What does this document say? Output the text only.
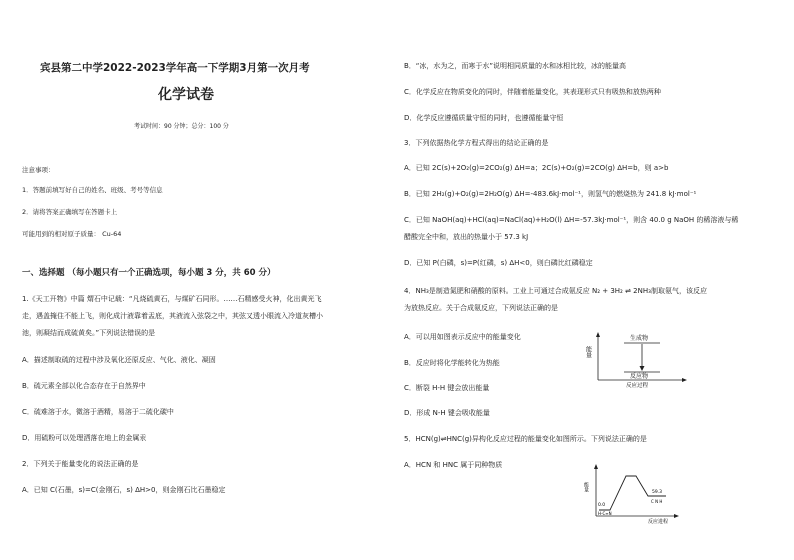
宾县第二中学2022-2023学年高一下学期3月第一次月考
化学试卷
考试时间：90 分钟；总分：100 分
注意事项：
1．答题前填写好自己的姓名、班级、考号等信息
2．请将答案正确填写在答题卡上
可能用到的相对原子质量： Cu-64
一、选择题 （每小题只有一个正确选项，每小题 3 分，共 60 分）
1.《天工开物》中篇 煟石中记载：“凡烧硫黄石，与煤矿石同形。……石精感受火神，化出黄光飞
走，遇盖掩住不能上飞，则化成汁液靠着盂底，其液流入弦袋之中，其弦又透小眼流入冷道灰槽小
池，则凝结而成硫黄矣。”下列说法错误的是
A．描述制取硫的过程中涉及氧化还原反应、气化、液化、凝固
B．硫元素全部以化合态存在于自然界中
C．硫难溶于水，微溶于酒精，易溶于二硫化碳中
D．用硫粉可以处理洒落在地上的金属汞
2．下列关于能量变化的说法正确的是
A．已知 C(石墨，s)=C(金刚石，s) ΔH>0，则金刚石比石墨稳定
B．“冰，水为之，而寒于水”说明相同质量的水和冰相比较，冰的能量高
C．化学反应在物质变化的同时，伴随着能量变化，其表现形式只有吸热和放热两种
D．化学反应遵循质量守恒的同时，也遵循能量守恒
3．下列依据热化学方程式得出的结论正确的是
A．已知 2C(s)+2O₂(g)=2CO₂(g) ΔH=a；2C(s)+O₂(g)=2CO(g) ΔH=b，则 a>b
B．已知 2H₂(g)+O₂(g)=2H₂O(g) ΔH=-483.6kJ·mol⁻¹，则氢气的燃烧热为 241.8 kJ·mol⁻¹
C．已知 NaOH(aq)+HCl(aq)=NaCl(aq)+H₂O(l) ΔH=-57.3kJ·mol⁻¹，则含 40.0 g NaOH 的稀溶液与稀
醋酸完全中和，放出的热量小于 57.3 kJ
D．已知 P(白磷，s)=P(红磷，s) ΔH<0，则白磷比红磷稳定
4．NH₃是制造氮肥和硝酸的原料。工业上可通过合成氨反应 N₂ + 3H₂ ⇌ 2NH₃制取氨气，该反应
为放热反应。关于合成氨反应，下列说法正确的是
A．可以用如图表示反应中的能量变化
B．反应时将化学能转化为热能
C．断裂 H-H 键会放出能量
D．形成 N-H 键会吸收能量
能量
反应过程
生成物
反应物
5．HCN(g)⇌HNC(g)异构化反应过程的能量变化如图所示。下列说法正确的是
A．HCN 和 HNC 属于同种物质
能量
反应进程
0.0
H-C≡N
59.3
C N H
